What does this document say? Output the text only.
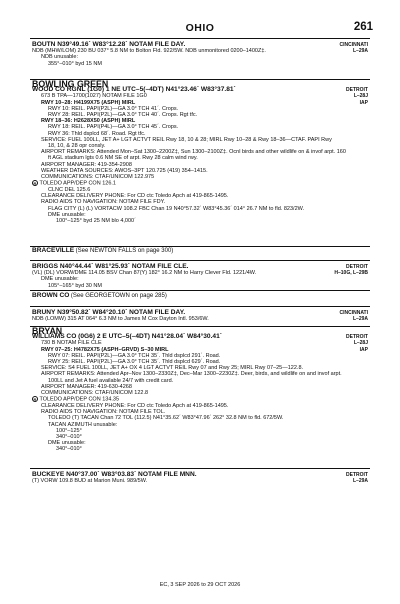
OHIO	261
CINCINNATI
L–29A
BOUTN N39°49.16´ W83°12.28´ NOTAM FILE DAY.
NDB (MHW/LOM) 230 BU 037° 5.8 NM to Bolton Fld. 922/5W. NDB unmonitored 0200–1400Z‡.
NDB unusable:
355°–010° byd 15 NM
BOWLING GREEN
DETROIT
L–28J
IAP
WOOD CO RGNL (1G0) 1 NE UTC–5(–4DT) N41°23.46´ W83°37.81´
673 B TPA—1700(1027) NOTAM FILE 1G0
RWY 10–28: H4199X75 (ASPH) MIRL
RWY 10: REIL. PAPI(P2L)—GA 3.0° TCH 41´. Crops.
RWY 28: REIL. PAPI(P2L)—GA 3.0° TCH 40´. Crops. Rgt tfc.
RWY 18–36: H2628X50 (ASPH) MIRL
RWY 18: REIL. PAPI(P4L)—GA 3.0° TCH 45´. Crops.
RWY 36: Thld dsplcd 68´. Road. Rgt tfc.
SERVICE: FUEL 100LL, JET A+ LGT ACTVT REIL Rwy 18, 10 & 28; MIRL Rwy 10–28 & Rwy 18–36—CTAF. PAPI Rwy
18, 10, & 28 opr consly.
AIRPORT REMARKS: Attended Mon–Sat 1300–2200Z‡, Sun 1300–2100Z‡. Ocnl birds and other wildlife on & invof arpt. 160
ft AGL stadium lgts 0.6 NM SE of arpt. Rwy 28 calm wind rwy.
AIRPORT MANAGER: 419-354-2908
WEATHER DATA SOURCES: AWOS–3PT 120.725 (419) 354–1415.
COMMUNICATIONS: CTAF/UNICOM 122.975
R TOLEDO APP/DEP CON 126.1
CLNC DEL 125.6
CLEARANCE DELIVERY PHONE: For CD ctc Toledo Apch at 419-865-1495.
RADIO AIDS TO NAVIGATION: NOTAM FILE FDY.
FLAG CITY (L) (L) VORTACW 108.2 FBC Chan 19 N40°57.32´ W83°45.36´ 014° 26.7 NM to fld. 823/2W.
DME unusable:
100°–125° byd 25 NM blo 4,000´
BRACEVILLE (See NEWTON FALLS on page 300)
DETROIT
H–10G, L–29B
BRIGGS N40°44.44´ W81°25.93´ NOTAM FILE CLE.
(VL) (DL) VORW/DME 114.05 BSV Chan 87(Y) 182° 16.2 NM to Harry Clever Fld. 1221/4W.
DME unusable:
105°–165° byd 30 NM
BROWN CO (See GEORGETOWN on page 285)
CINCINNATI
L–29A
BRUNY N39°50.82´ W84°20.10´ NOTAM FILE DAY.
NDB (LOMW) 315 AT 064° 6.3 NM to James M Cox Dayton Intl. 953/6W.
BRYAN
DETROIT
L–28J
IAP
WILLIAMS CO (0G6) 2 E UTC–5(–4DT) N41°28.04´ W84°30.41´
730 B NOTAM FILE CLE
RWY 07–25: H4782X75 (ASPH–GRVD) S–30 MIRL
RWY 07: REIL. PAPI(P2L)—GA 3.0° TCH 35´. Thld dsplcd 291´. Road.
RWY 25: REIL. PAPI(P2L)—GA 3.0° TCH 35´. Thld dsplcd 629´. Road.
SERVICE: S4 FUEL 100LL, JET A+ OX 4 LGT ACTVT REIL Rwy 07 and Rwy 25; MIRL Rwy 07–25—122.8.
AIRPORT REMARKS: Attended Apr–Nov 1300–2330Z‡, Dec–Mar 1300–2230Z‡. Deer, birds, and wildlife on and invof arpt.
100LL and Jet A fuel available 24/7 with credit card.
AIRPORT MANAGER: 419-630-4268
COMMUNICATIONS: CTAF/UNICOM 122.8
R TOLEDO APP/DEP CON 134.35
CLEARANCE DELIVERY PHONE: For CD ctc Toledo Apch at 419-865-1495.
RADIO AIDS TO NAVIGATION: NOTAM FILE TOL.
TOLEDO (T) TACAN Chan 72 TOL (112.5) N41°35.62´ W83°47.96´ 262° 32.8 NM to fld. 672/5W.
TACAN AZIMUTH unusable:
100°–125°
340°–010°
DME unusable:
340°–010°
DETROIT
L–29A
BUCKEYE N40°37.00´ W83°03.83´ NOTAM FILE MNN.
(T) VORW 109.8 BUD at Marion Muni. 989/5W.
EC, 3 SEP 2026 to 29 OCT 2026
